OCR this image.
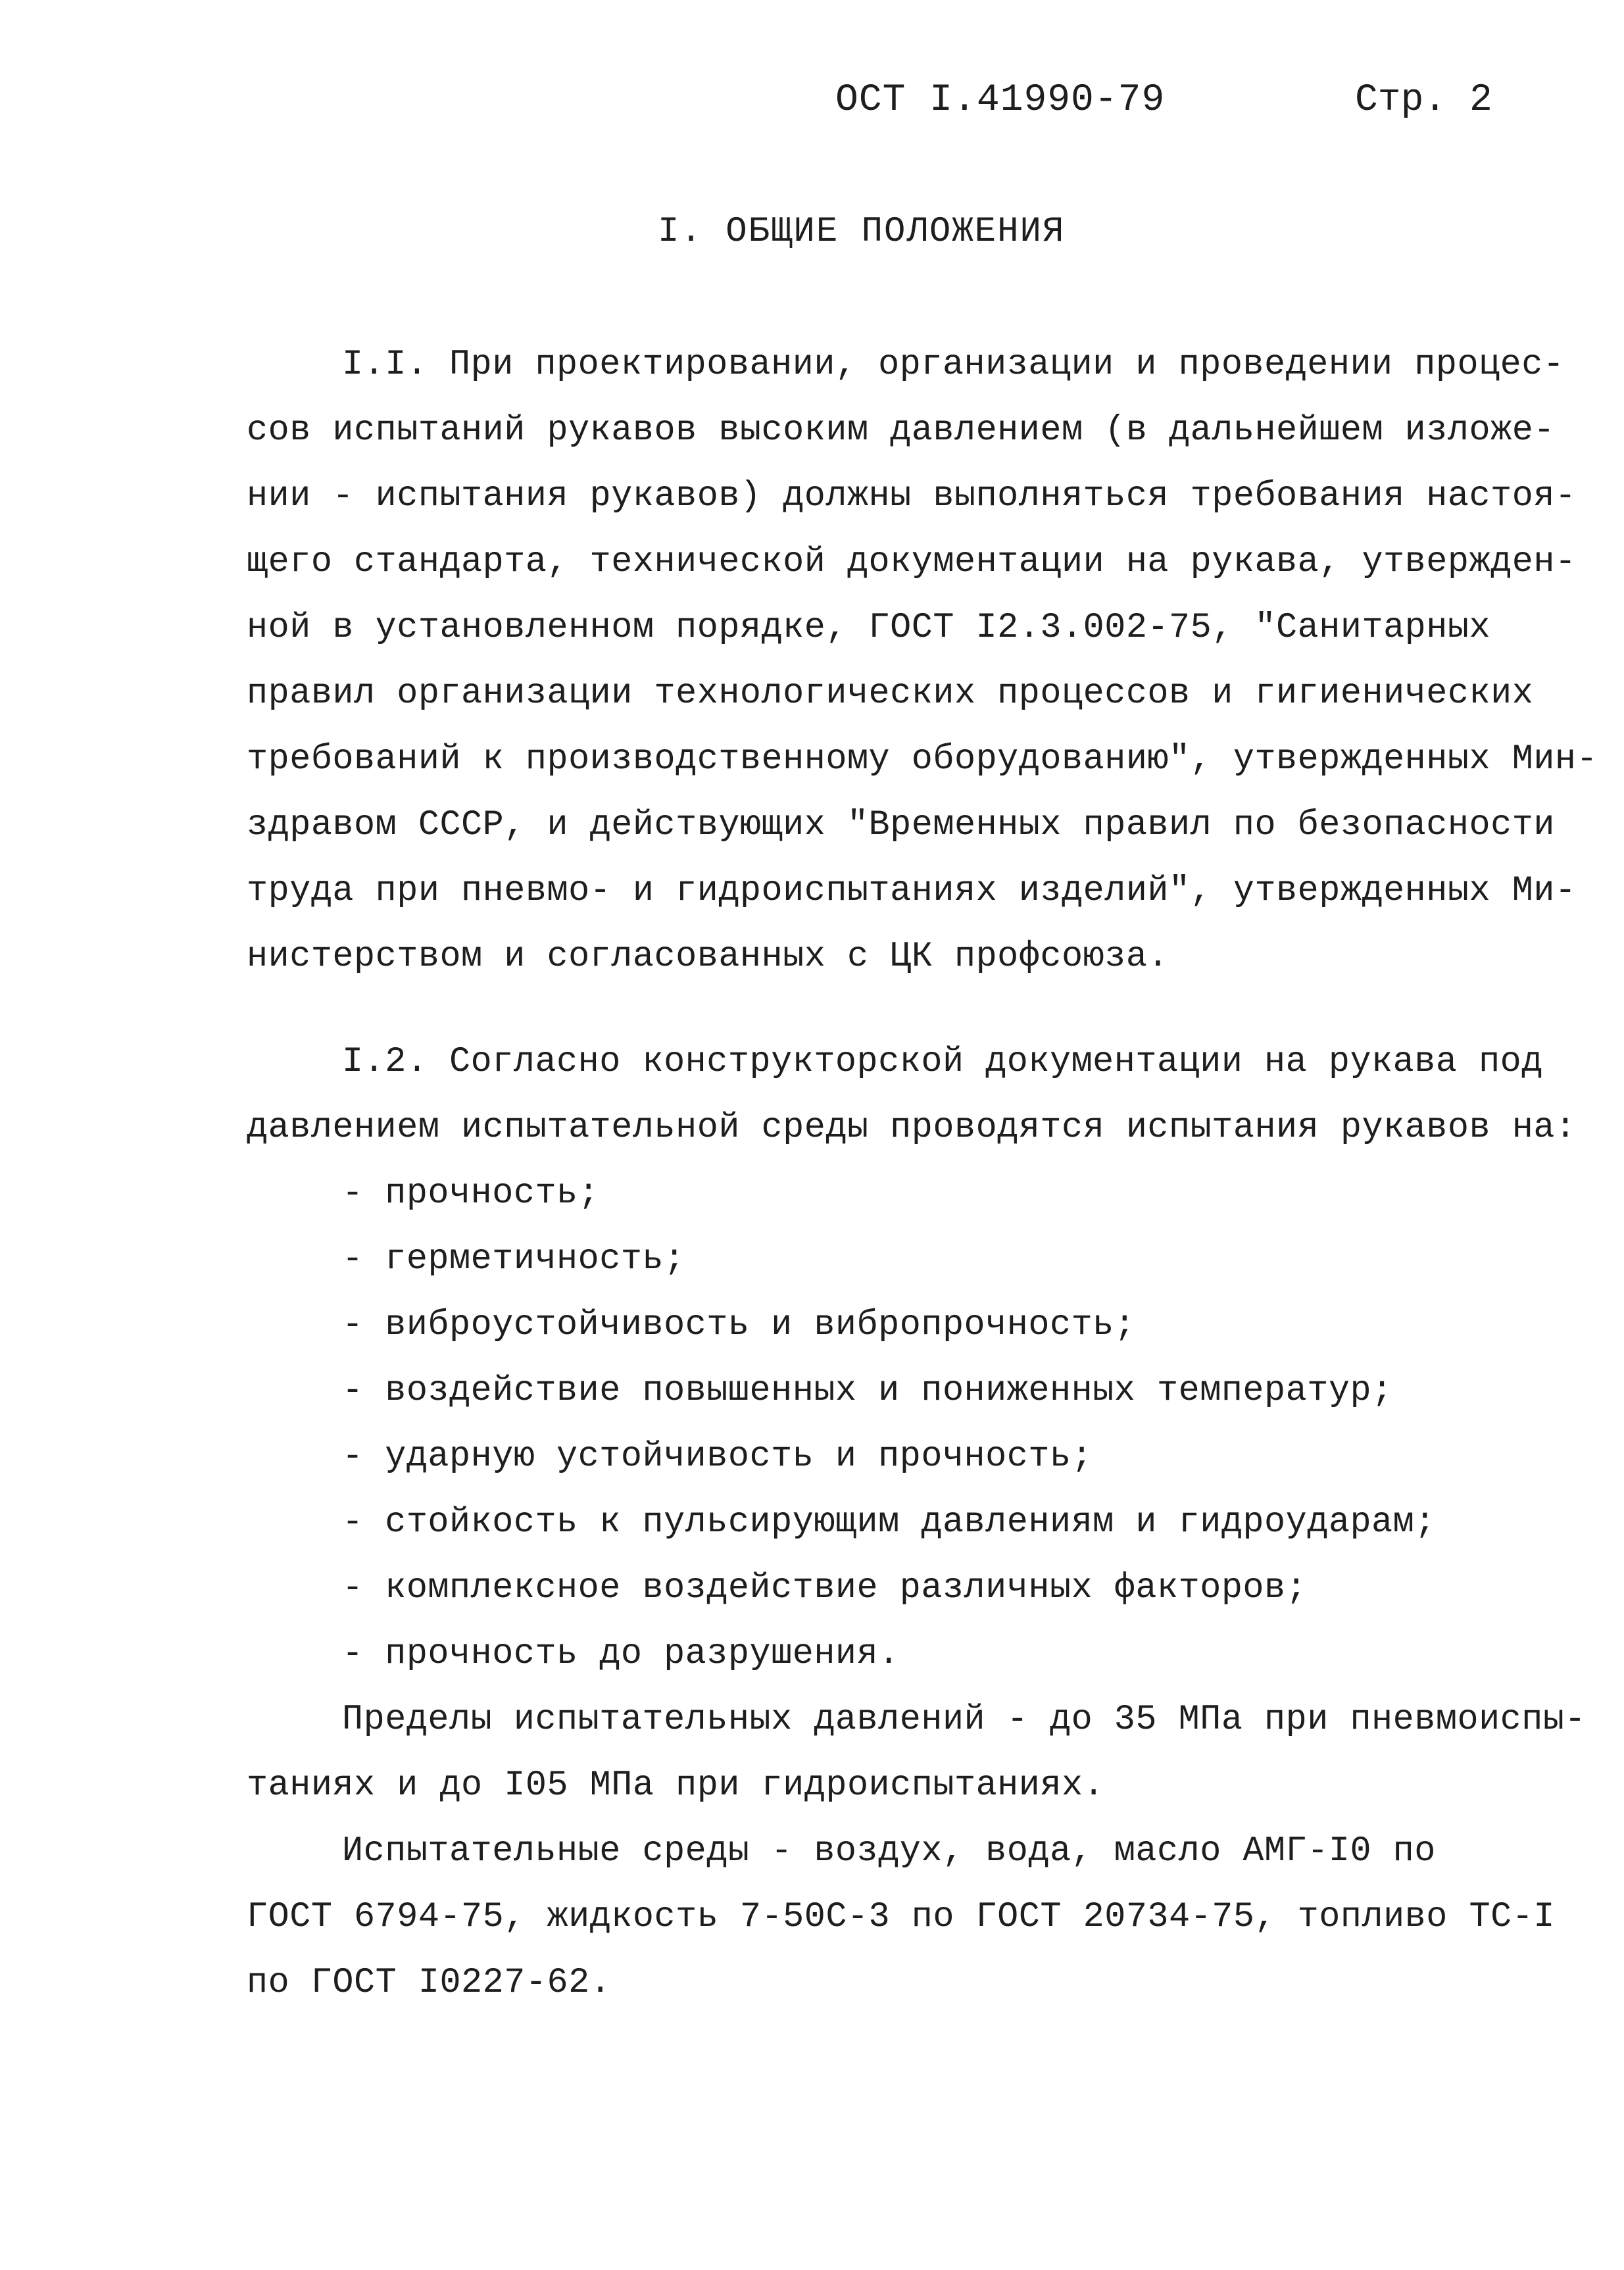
ОСТ I.41990-79	Стр. 2
I. ОБЩИЕ ПОЛОЖЕНИЯ
I.I. При проектировании, организации и проведении процес-
сов испытаний рукавов высоким давлением (в дальнейшем изложе-
нии - испытания рукавов) должны выполняться требования настоя-
щего стандарта, технической документации на рукава, утвержден-
ной в установленном порядке, ГОСТ I2.3.002-75, "Санитарных
правил организации технологических процессов и гигиенических
требований к производственному оборудованию", утвержденных Мин-
здравом СССР, и действующих "Временных правил по безопасности
труда при пневмо- и гидроиспытаниях изделий", утвержденных Ми-
нистерством и согласованных с ЦК профсоюза.
I.2. Согласно конструкторской документации на рукава под
давлением испытательной среды проводятся испытания рукавов на:
- прочность;
- герметичность;
- виброустойчивость и вибропрочность;
- воздействие повышенных и пониженных температур;
- ударную устойчивость и прочность;
- стойкость к пульсирующим давлениям и гидроударам;
- комплексное воздействие различных факторов;
- прочность до разрушения.
Пределы испытательных давлений - до 35 МПа при пневмоиспы-
таниях и до I05 МПа при гидроиспытаниях.
Испытательные среды - воздух, вода, масло АМГ-I0 по
ГОСТ 6794-75, жидкость 7-50С-3 по ГОСТ 20734-75, топливо ТС-I
по ГОСТ I0227-62.
